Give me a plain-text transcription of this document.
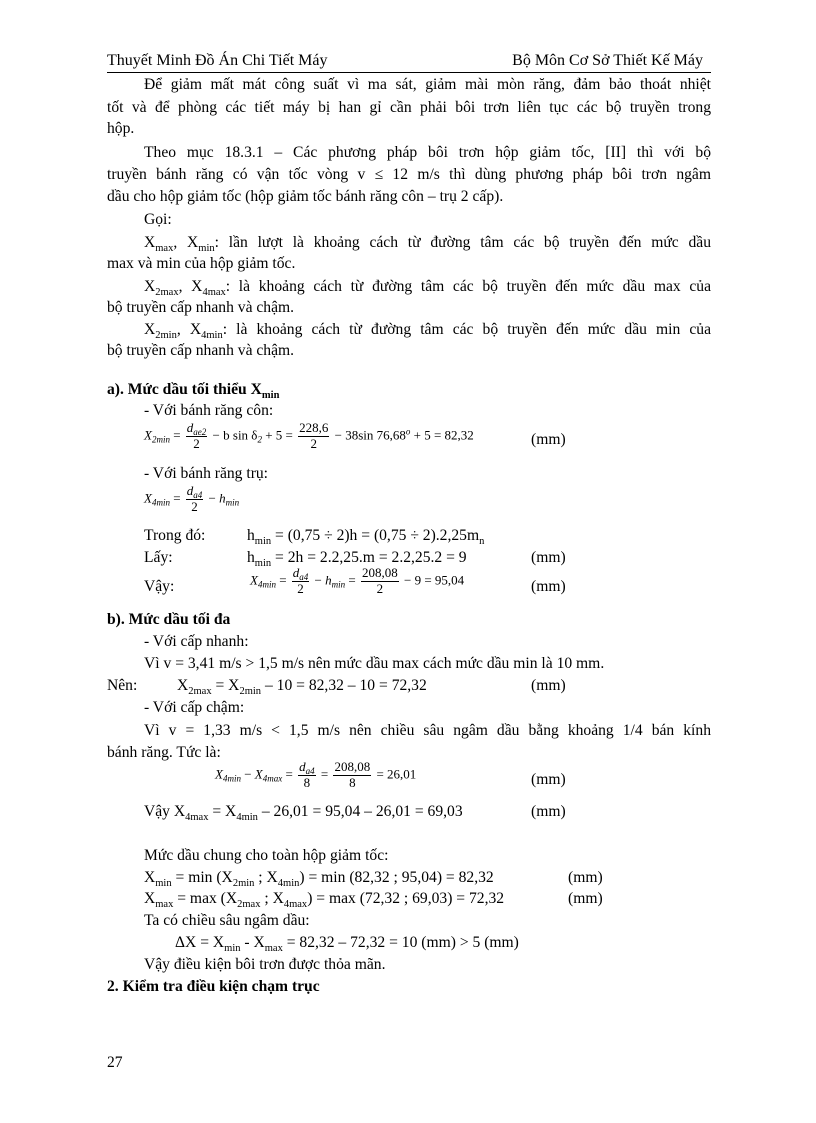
Thuyết Minh Đồ Án Chi Tiết Máy	Bộ Môn Cơ Sở Thiết Kế Máy
Để giảm mất mát công suất vì ma sát, giảm mài mòn răng, đảm bảo thoát nhiệt
tốt và để phòng các tiết máy bị han gỉ cần phải bôi trơn liên tục các bộ truyền trong
hộp.
Theo mục 18.3.1 – Các phương pháp bôi trơn hộp giảm tốc, [II] thì với bộ
truyền bánh răng có vận tốc vòng v ≤ 12 m/s thì dùng phương pháp bôi trơn ngâm
dầu cho hộp giảm tốc (hộp giảm tốc bánh răng côn – trụ 2 cấp).
Gọi:
$X_{max}$, $X_{min}$: lần lượt là khoảng cách từ đường tâm các bộ truyền đến mức dầu
max và min của hộp giảm tốc.
$X_{2max}$, $X_{4max}$: là khoảng cách từ đường tâm các bộ truyền đến mức dầu max của
bộ truyền cấp nhanh và chậm.
$X_{2min}$, $X_{4min}$: là khoảng cách từ đường tâm các bộ truyền đến mức dầu min của
bộ truyền cấp nhanh và chậm.
a). Mức dầu tối thiểu $X_{min}$
- Với bánh răng côn:
$X_{2min} = d_{ae2}$
2
− b $\sin \delta_2 + 5 = \frac{228,6}{2} - 38\sin$ $76,68^o + 5 = 82,32$	(mm)
- Với bánh răng trụ:
$X_{4min} = \frac{d_{a4}}{2} - h_{min}$
Trong đó:	$h_{min} = (0,75 \div 2)h = (0,75 \div 2).2,25m_n$
Lấy:	$h_{min} = 2h = 2.2,25.m = 2.2,25.2 = 9$	(mm)
Vậy:	$X_{4min} = \frac{d_{a4}}{2} - h_{min} = \frac{208,08}{2} - 9 = 95,04$	(mm)
b). Mức dầu tối đa
- Với cấp nhanh:
Vì v = 3,41 m/s > 1,5 m/s nên mức dầu max cách mức dầu min là 10 mm.
Nên:	$X_{2max} = X_{2min} - 10 = 82,32 - 10 = 72,32$	(mm)
- Với cấp chậm:
Vì v = 1,33 m/s < 1,5 m/s nên chiều sâu ngâm dầu bằng khoảng 1/4 bán kính
bánh răng. Tức là:
$X_{4min} - X_{4max} = \frac{d_{a4}}{8} = \frac{208,08}{8} = 26,01$	(mm)
Vậy $X_{4max} = X_{4min} - 26,01 = 95,04 - 26,01 = 69,03$	(mm)
Mức dầu chung cho toàn hộp giảm tốc:
$X_{min} = \min (X_{2min}$ ; $X_{4min}) = \min (82,32$ ; 95,04) = 82,32	(mm)
$X_{max} = \max (X_{2max}$ ; $X_{4max}) = \max (72,32$ ; 69,03) = 72,32	(mm)
Ta có chiều sâu ngâm dầu:
$\Delta X = X_{min} - X_{max} = 82,32 - 72,32 = 10$ (mm) > 5 (mm)
Vậy điều kiện bôi trơn được thỏa mãn.
2. Kiểm tra điều kiện chạm trục
27
